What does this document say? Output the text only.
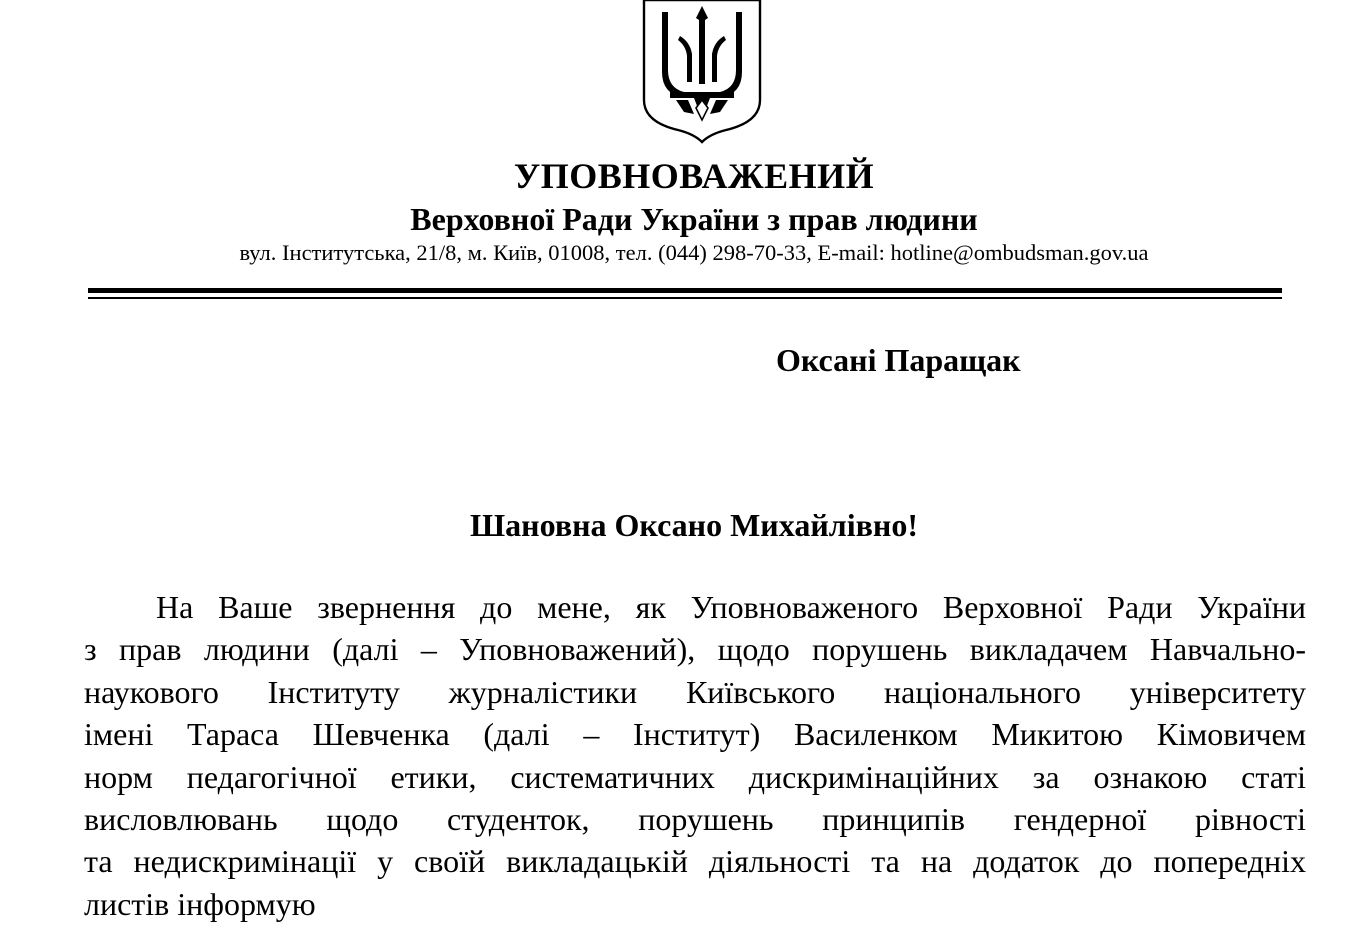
УПОВНОВАЖЕНИЙ
Верховної Ради України з прав людини
вул. Інститутська, 21/8, м. Київ, 01008, тел. (044) 298-70-33, E-mail: hotline@ombudsman.gov.ua
Оксані Паращак
Шановна Оксано Михайлівно!
На Ваше звернення до мене, як Уповноваженого Верховної Ради України
з прав людини (далі – Уповноважений), щодо порушень викладачем Навчально-
наукового Інституту журналістики Київського національного університету
імені Тараса Шевченка (далі – Інститут) Василенком Микитою Кімовичем
норм педагогічної етики, систематичних дискримінаційних за ознакою статі
висловлювань щодо студенток, порушень принципів гендерної рівності
та недискримінації у своїй викладацькій діяльності та на додаток до попередніх
листів інформую
